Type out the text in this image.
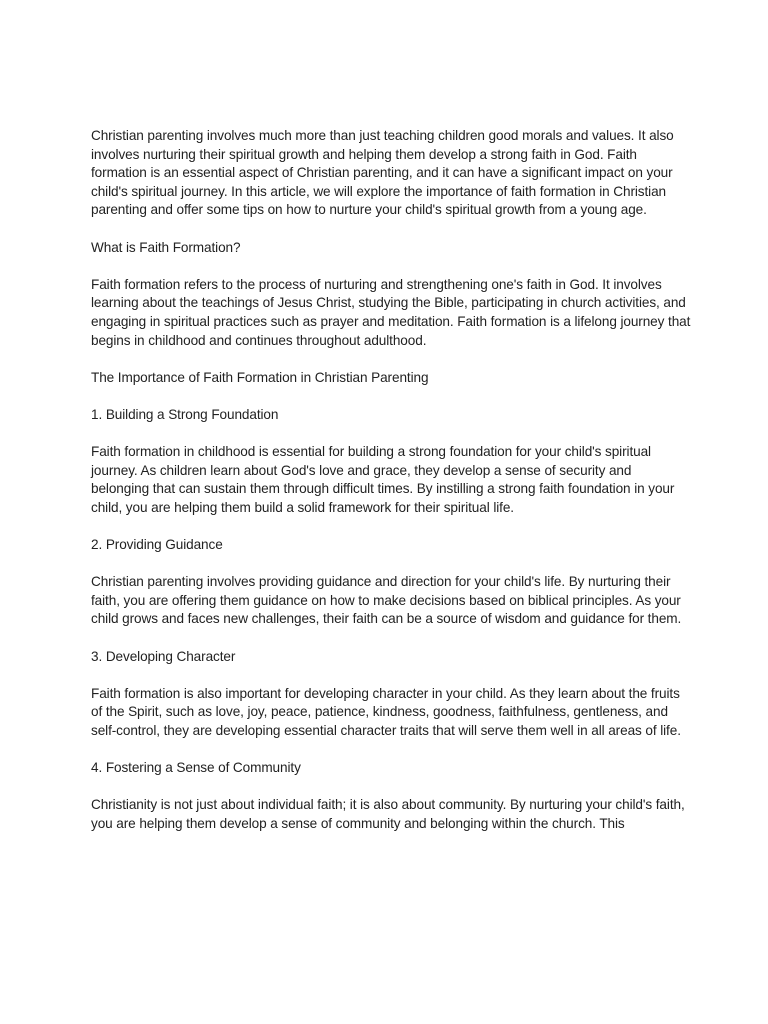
Christian parenting involves much more than just teaching children good morals and values. It also involves nurturing their spiritual growth and helping them develop a strong faith in God. Faith formation is an essential aspect of Christian parenting, and it can have a significant impact on your child's spiritual journey. In this article, we will explore the importance of faith formation in Christian parenting and offer some tips on how to nurture your child's spiritual growth from a young age.

What is Faith Formation?

Faith formation refers to the process of nurturing and strengthening one's faith in God. It involves learning about the teachings of Jesus Christ, studying the Bible, participating in church activities, and engaging in spiritual practices such as prayer and meditation. Faith formation is a lifelong journey that begins in childhood and continues throughout adulthood.

The Importance of Faith Formation in Christian Parenting

1. Building a Strong Foundation

Faith formation in childhood is essential for building a strong foundation for your child's spiritual journey. As children learn about God's love and grace, they develop a sense of security and belonging that can sustain them through difficult times. By instilling a strong faith foundation in your child, you are helping them build a solid framework for their spiritual life.

2. Providing Guidance

Christian parenting involves providing guidance and direction for your child's life. By nurturing their faith, you are offering them guidance on how to make decisions based on biblical principles. As your child grows and faces new challenges, their faith can be a source of wisdom and guidance for them.

3. Developing Character

Faith formation is also important for developing character in your child. As they learn about the fruits of the Spirit, such as love, joy, peace, patience, kindness, goodness, faithfulness, gentleness, and self-control, they are developing essential character traits that will serve them well in all areas of life.

4. Fostering a Sense of Community

Christianity is not just about individual faith; it is also about community. By nurturing your child's faith, you are helping them develop a sense of community and belonging within the church. This
